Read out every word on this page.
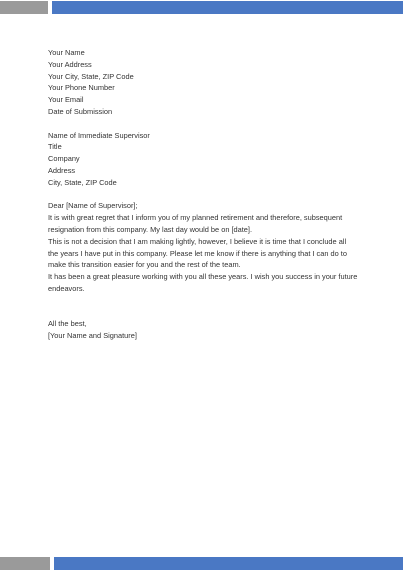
Your Name

Your Address

Your City, State, ZIP Code

Your Phone Number

Your Email

Date of Submission

Name of Immediate Supervisor

Title

Company

Address

City, State, ZIP Code

Dear [Name of Supervisor];

It is with great regret that I inform you of my planned retirement and therefore, subsequent resignation from this company. My last day would be on [date].

This is not a decision that I am making lightly, however, I believe it is time that I conclude all the years I have put in this company. Please let me know if there is anything that I can do to make this transition easier for you and the rest of the team.

It has been a great pleasure working with you all these years. I wish you success in your future endeavors.

All the best,

[Your Name and Signature]
